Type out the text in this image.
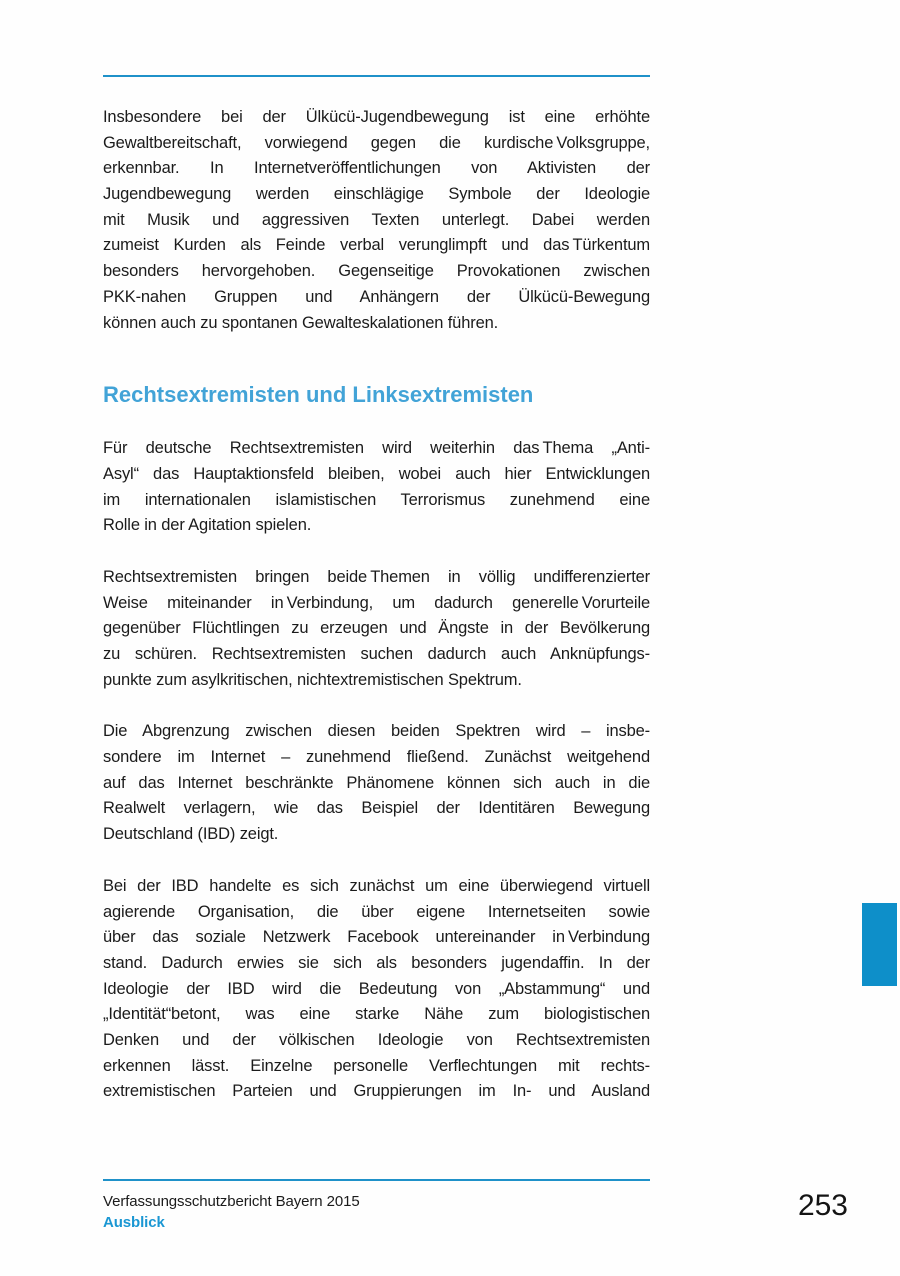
Insbesondere bei der Ülkücü-Jugendbewegung ist eine erhöhte
Gewaltbereitschaft, vorwiegend gegen die kurdische Volksgruppe,
erkennbar. In Internetveröffentlichungen von Aktivisten der
Jugendbewegung werden einschlägige Symbole der Ideologie
mit Musik und aggressiven Texten unterlegt. Dabei werden
zumeist Kurden als Feinde verbal verunglimpft und das Türkentum
besonders hervorgehoben. Gegenseitige Provokationen zwischen
PKK-nahen Gruppen und Anhängern der Ülkücü-Bewegung
können auch zu spontanen Gewalteskalationen führen.
Rechtsextremisten und Linksextremisten
Für deutsche Rechtsextremisten wird weiterhin das Thema „Anti-
Asyl“ das Hauptaktionsfeld bleiben, wobei auch hier Entwicklungen
im internationalen islamistischen Terrorismus zunehmend eine
Rolle in der Agitation spielen.
Rechtsextremisten bringen beide Themen in völlig undifferenzierter
Weise miteinander in Verbindung, um dadurch generelle Vorurteile
gegenüber Flüchtlingen zu erzeugen und Ängste in der Bevölkerung
zu schüren. Rechtsextremisten suchen dadurch auch Anknüpfungs-
punkte zum asylkritischen, nichtextremistischen Spektrum.
Die Abgrenzung zwischen diesen beiden Spektren wird – insbe-
sondere im Internet – zunehmend fließend. Zunächst weitgehend
auf das Internet beschränkte Phänomene können sich auch in die
Realwelt verlagern, wie das Beispiel der Identitären Bewegung
Deutschland (IBD) zeigt.
Bei der IBD handelte es sich zunächst um eine überwiegend virtuell
agierende Organisation, die über eigene Internetseiten sowie
über das soziale Netzwerk Facebook untereinander in Verbindung
stand. Dadurch erwies sie sich als besonders jugendaffin. In der
Ideologie der IBD wird die Bedeutung von „Abstammung“ und
„Identität“betont, was eine starke Nähe zum biologistischen
Denken und der völkischen Ideologie von Rechtsextremisten
erkennen lässt. Einzelne personelle Verflechtungen mit rechts-
extremistischen Parteien und Gruppierungen im In- und Ausland
Verfassungsschutzbericht Bayern 2015
Ausblick
253
